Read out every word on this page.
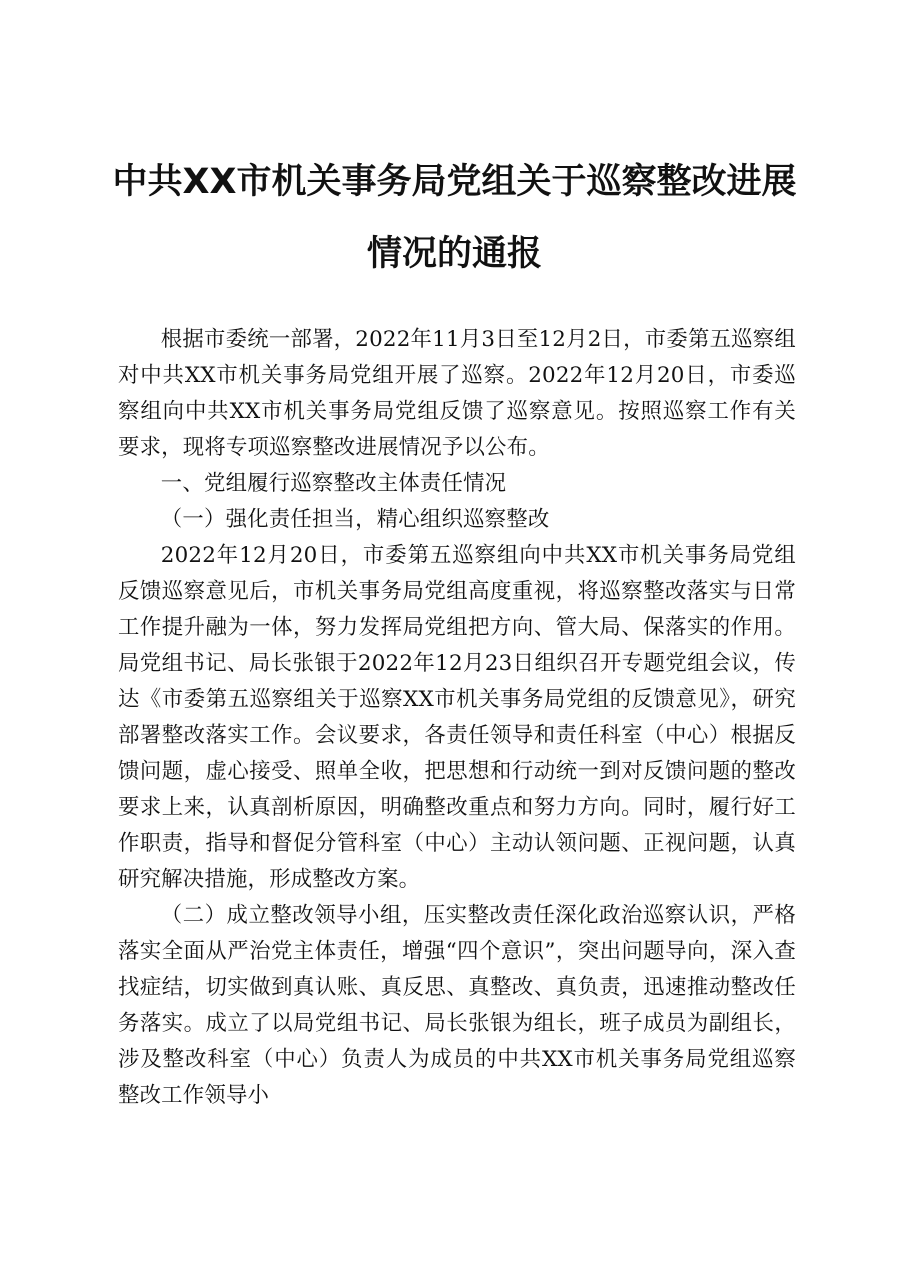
中共XX市机关事务局党组关于巡察整改进展
情况的通报

根据市委统一部署，2022年11月3日至12月2日，市委第五巡察组对中共XX市机关事务局党组开展了巡察。2022年12月20日，市委巡察组向中共XX市机关事务局党组反馈了巡察意见。按照巡察工作有关要求，现将专项巡察整改进展情况予以公布。

一、党组履行巡察整改主体责任情况

（一）强化责任担当，精心组织巡察整改

2022年12月20日，市委第五巡察组向中共XX市机关事务局党组反馈巡察意见后，市机关事务局党组高度重视，将巡察整改落实与日常工作提升融为一体，努力发挥局党组把方向、管大局、保落实的作用。局党组书记、局长张银于2022年12月23日组织召开专题党组会议，传达《市委第五巡察组关于巡察XX市机关事务局党组的反馈意见》，研究部署整改落实工作。会议要求，各责任领导和责任科室（中心）根据反馈问题，虚心接受、照单全收，把思想和行动统一到对反馈问题的整改要求上来，认真剖析原因，明确整改重点和努力方向。同时，履行好工作职责，指导和督促分管科室（中心）主动认领问题、正视问题，认真研究解决措施，形成整改方案。

（二）成立整改领导小组，压实整改责任深化政治巡察认识，严格落实全面从严治党主体责任，增强“四个意识”，突出问题导向，深入查找症结，切实做到真认账、真反思、真整改、真负责，迅速推动整改任务落实。成立了以局党组书记、局长张银为组长，班子成员为副组长，涉及整改科室（中心）负责人为成员的中共XX市机关事务局党组巡察整改工作领导小
